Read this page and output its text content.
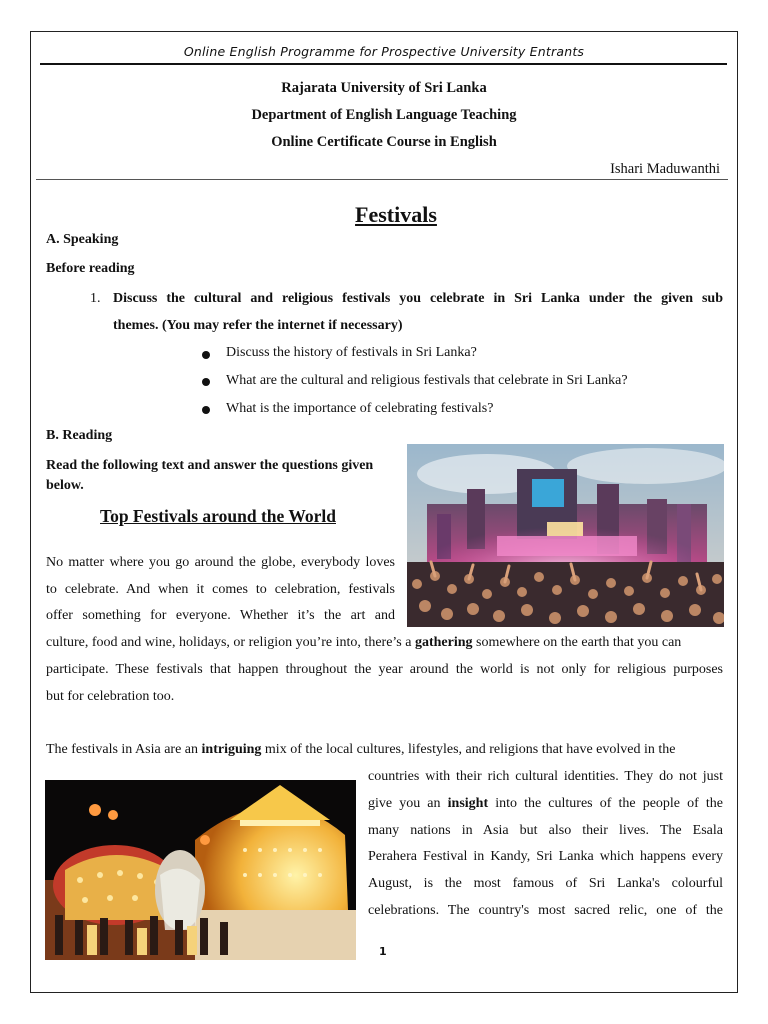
Online English Programme for Prospective University Entrants
Rajarata University of Sri Lanka
Department of English Language Teaching
Online Certificate Course in English
Ishari Maduwanthi
Festivals
A. Speaking
Before reading
1. Discuss the cultural and religious festivals you celebrate in Sri Lanka under the given sub
themes. (You may refer the internet if necessary)
Discuss the history of festivals in Sri Lanka?
What are the cultural and religious festivals that celebrate in Sri Lanka?
What is the importance of celebrating festivals?
B. Reading
Read the following text and answer the questions given
below.
Top Festivals around the World
No matter where you go around the globe, everybody loves
to celebrate. And when it comes to celebration, festivals
offer something for everyone. Whether it’s the art and
culture, food and wine, holidays, or religion you’re into, there’s a gathering somewhere on the earth that you can
participate. These festivals that happen throughout the year around the world is not only for religious purposes
but for celebration too.
The festivals in Asia are an intriguing mix of the local cultures, lifestyles, and religions that have evolved in the
countries with their rich cultural identities. They do not just
give you an insight into the cultures of the people of the
many nations in Asia but also their lives. The Esala
Perahera Festival in Kandy, Sri Lanka which happens every
August, is the most famous of Sri Lanka's colourful
celebrations. The country's most sacred relic, one of the
1
